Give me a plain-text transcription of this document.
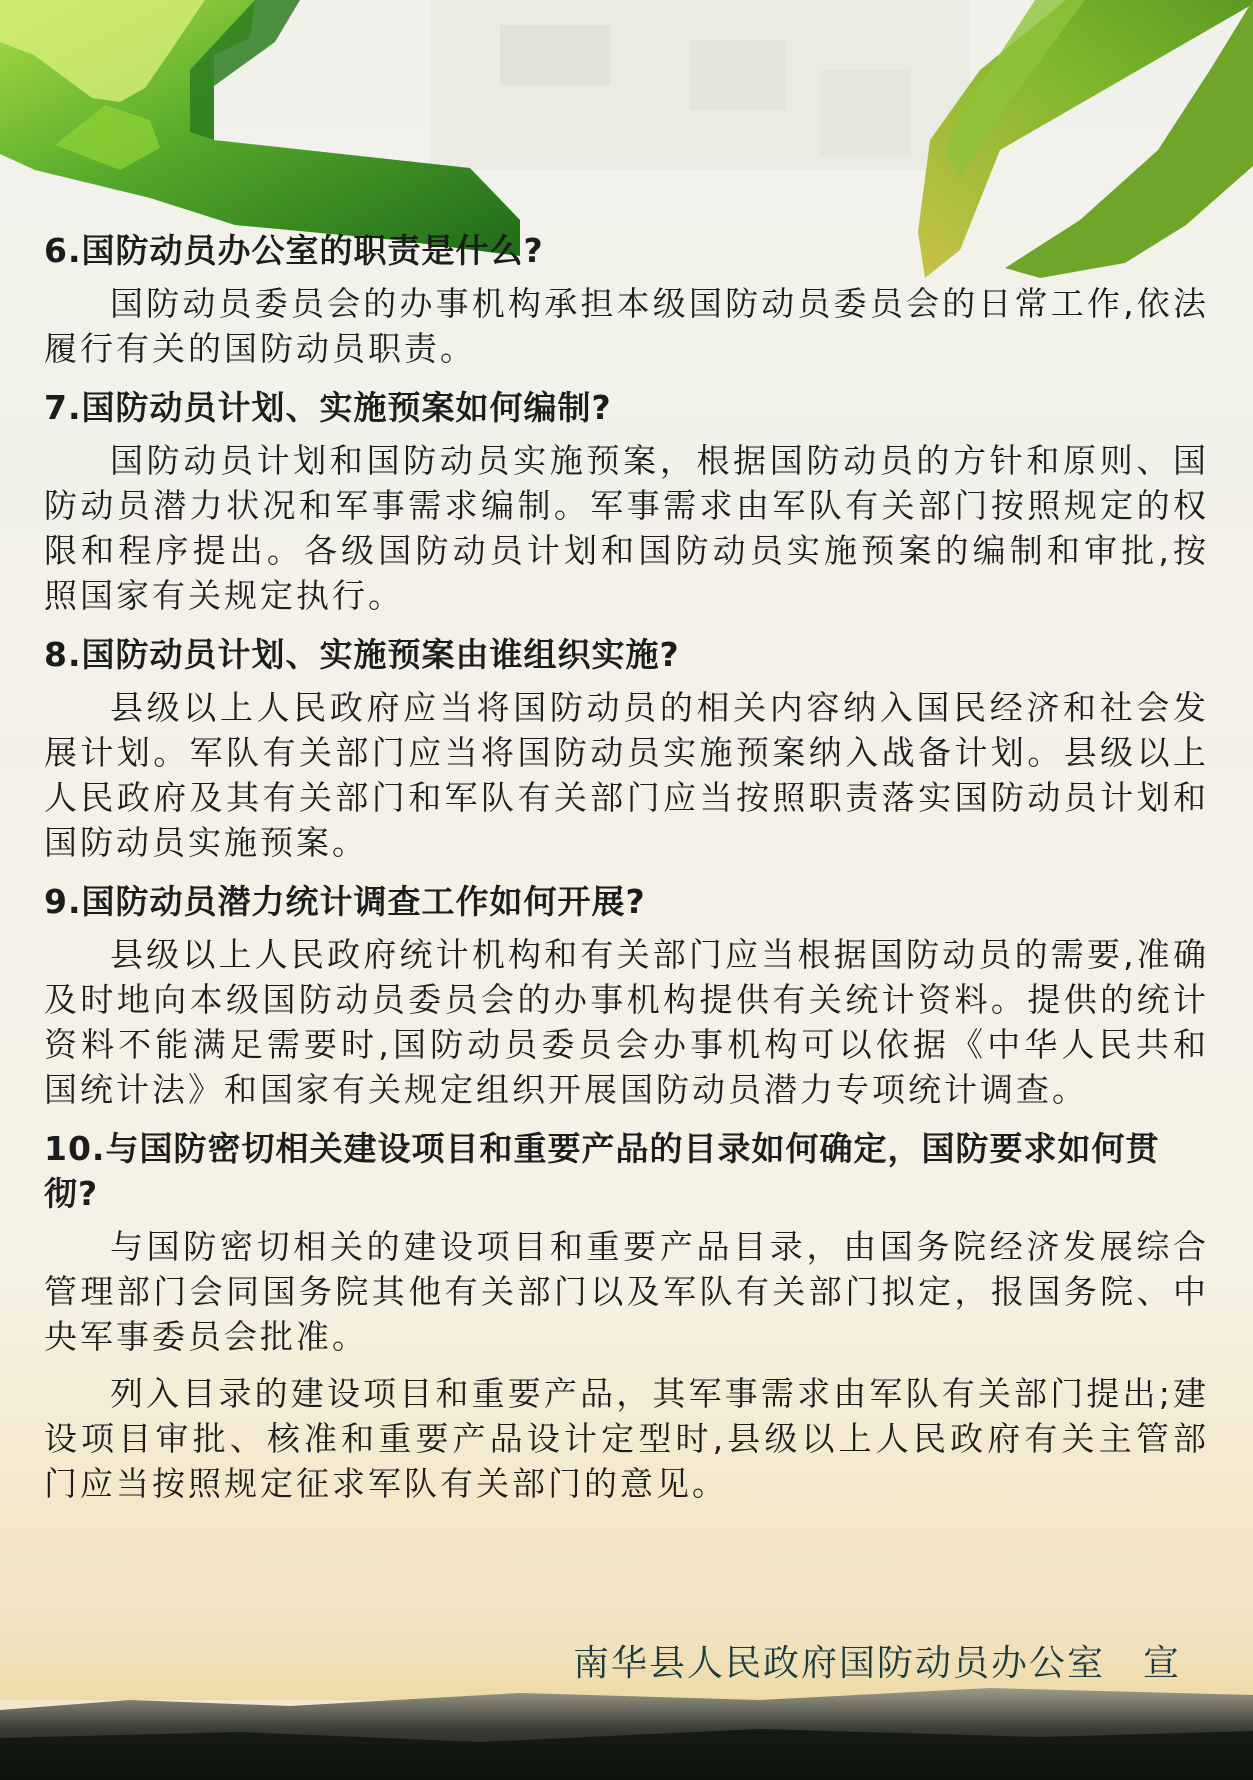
6.国防动员办公室的职责是什么?

国防动员委员会的办事机构承担本级国防动员委员会的日常工作,依法履行有关的国防动员职责。

7.国防动员计划、实施预案如何编制?

国防动员计划和国防动员实施预案，根据国防动员的方针和原则、国防动员潜力状况和军事需求编制。军事需求由军队有关部门按照规定的权限和程序提出。各级国防动员计划和国防动员实施预案的编制和审批,按照国家有关规定执行。

8.国防动员计划、实施预案由谁组织实施?

县级以上人民政府应当将国防动员的相关内容纳入国民经济和社会发展计划。军队有关部门应当将国防动员实施预案纳入战备计划。县级以上人民政府及其有关部门和军队有关部门应当按照职责落实国防动员计划和国防动员实施预案。

9.国防动员潜力统计调查工作如何开展?

县级以上人民政府统计机构和有关部门应当根据国防动员的需要,准确及时地向本级国防动员委员会的办事机构提供有关统计资料。提供的统计资料不能满足需要时,国防动员委员会办事机构可以依据《中华人民共和国统计法》和国家有关规定组织开展国防动员潜力专项统计调查。

10.与国防密切相关建设项目和重要产品的目录如何确定，国防要求如何贯彻?

与国防密切相关的建设项目和重要产品目录，由国务院经济发展综合管理部门会同国务院其他有关部门以及军队有关部门拟定，报国务院、中央军事委员会批准。

列入目录的建设项目和重要产品，其军事需求由军队有关部门提出;建设项目审批、核准和重要产品设计定型时,县级以上人民政府有关主管部门应当按照规定征求军队有关部门的意见。

南华县人民政府国防动员办公室　宣
